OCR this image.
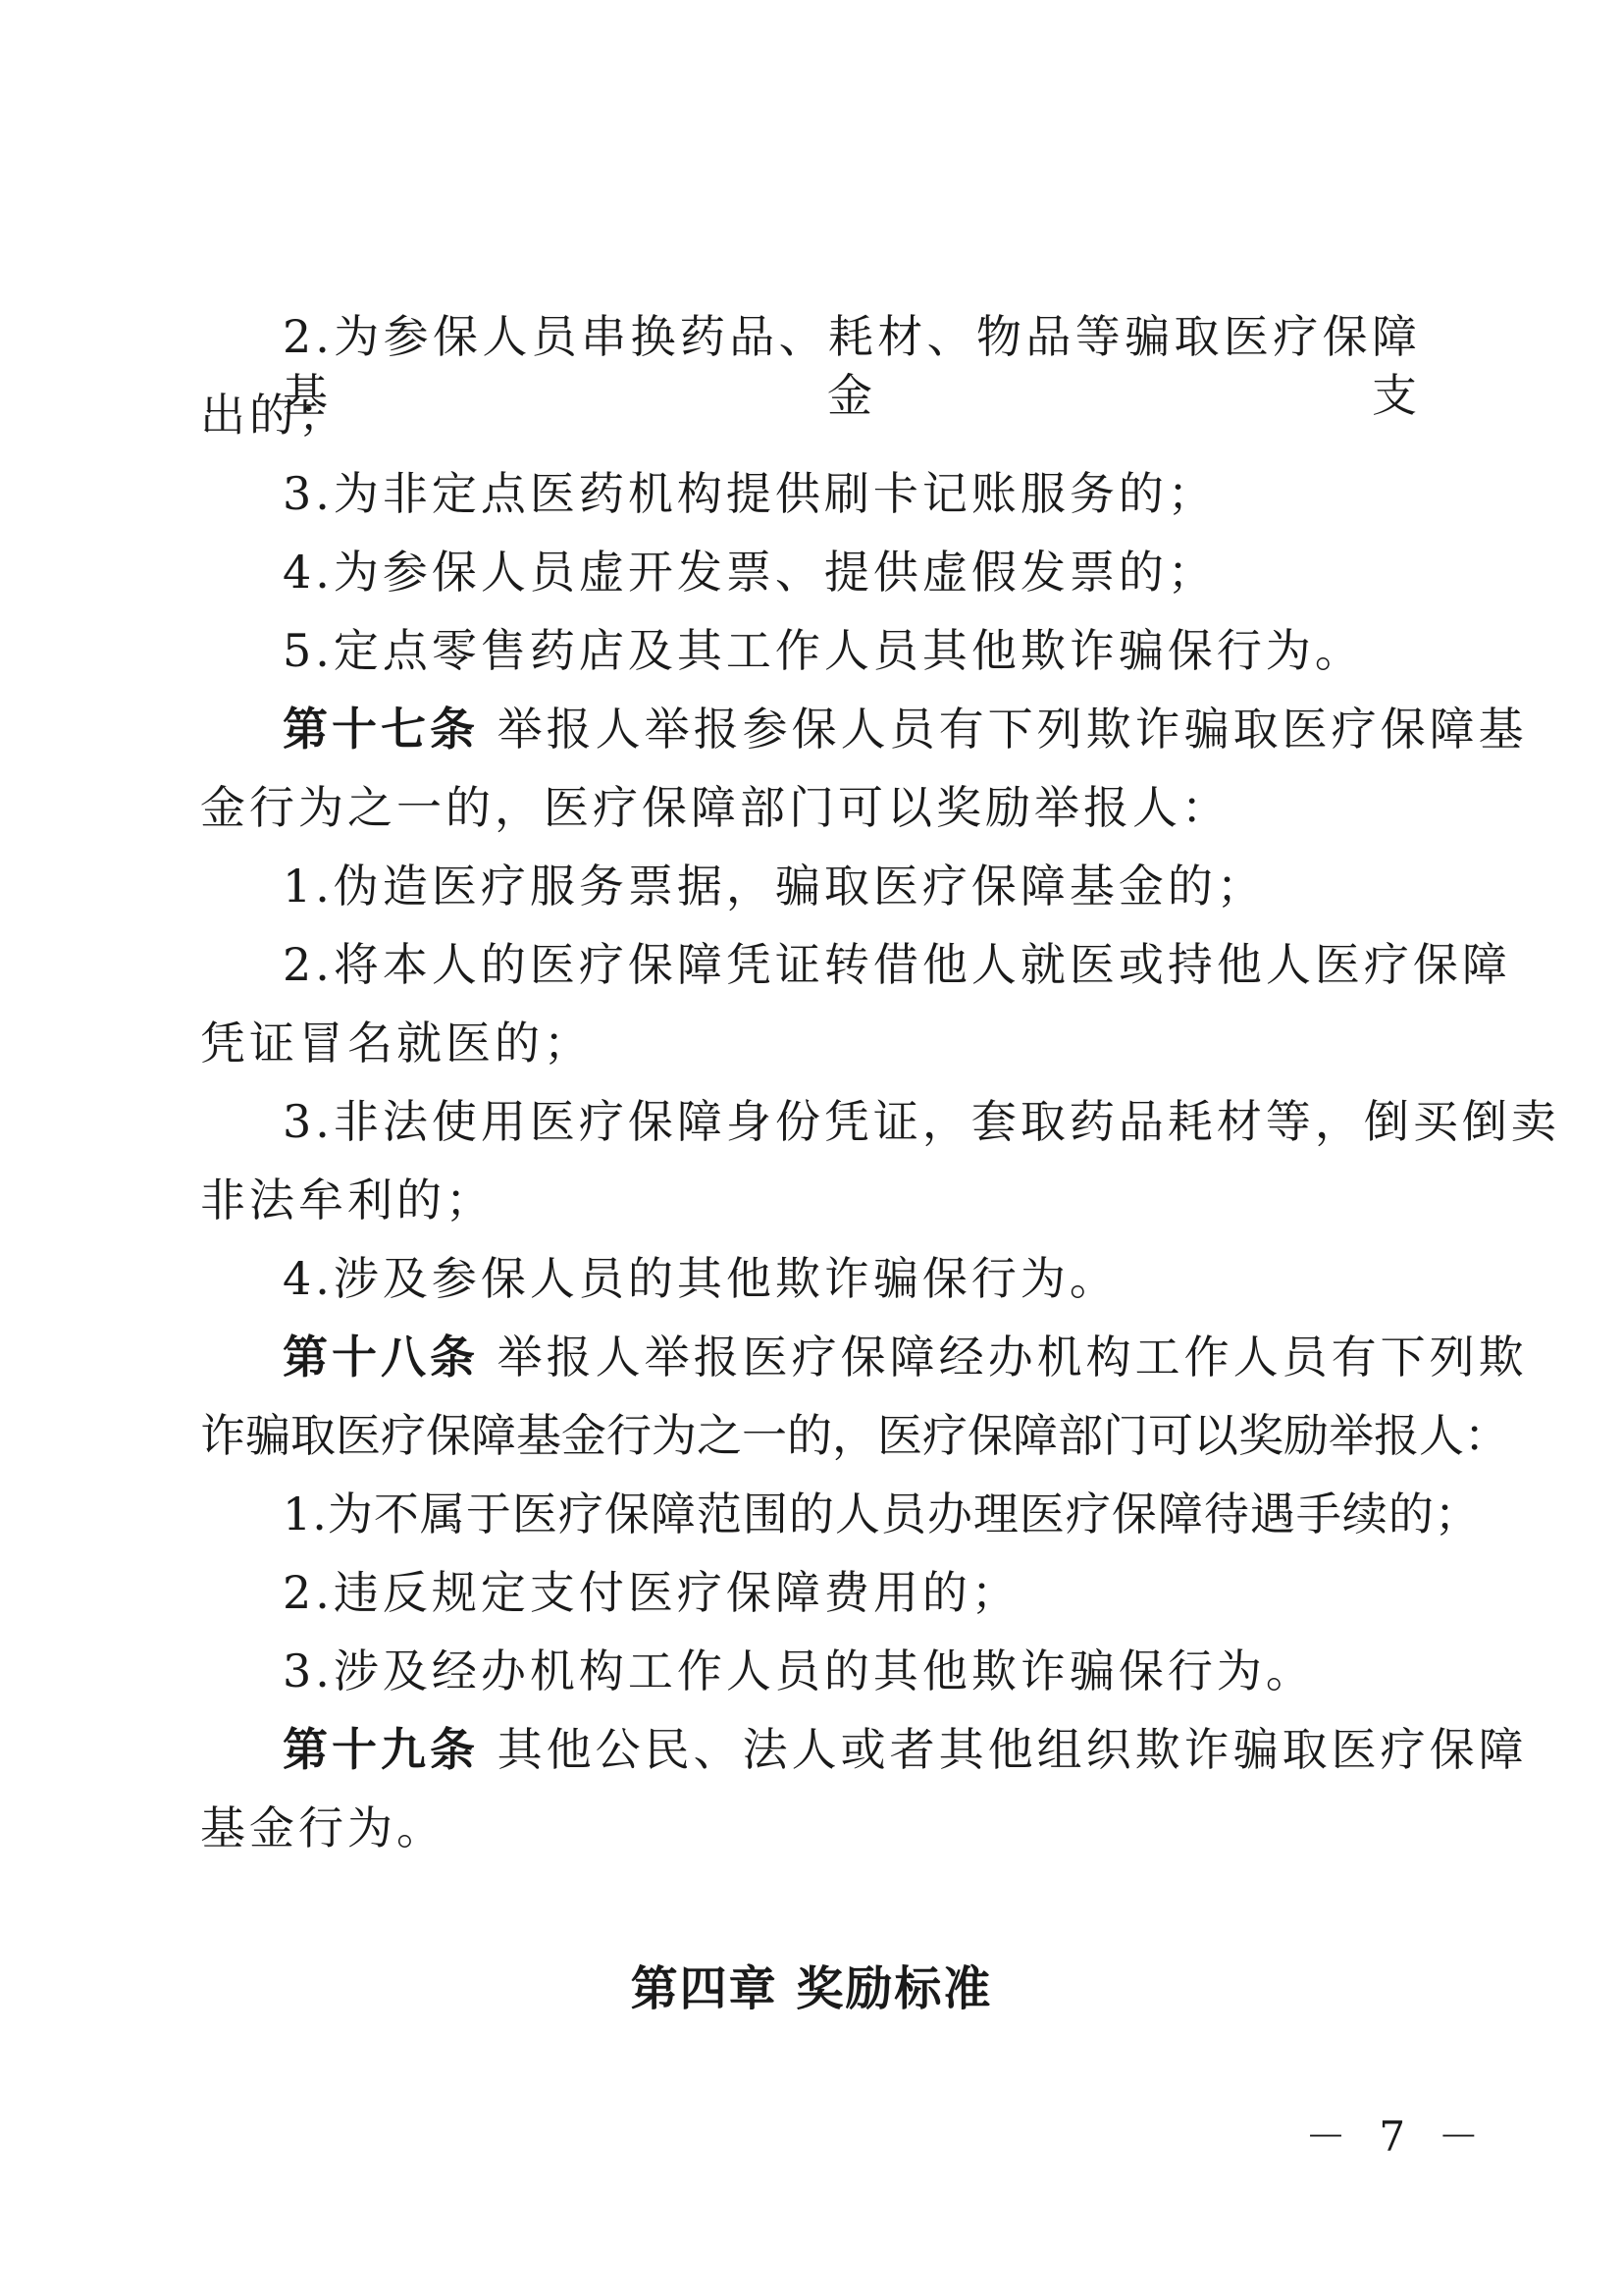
2.为参保人员串换药品、耗材、物品等骗取医疗保障基金支
出的；
3.为非定点医药机构提供刷卡记账服务的；
4.为参保人员虚开发票、提供虚假发票的；
5.定点零售药店及其工作人员其他欺诈骗保行为。
第十七条 举报人举报参保人员有下列欺诈骗取医疗保障基
金行为之一的，医疗保障部门可以奖励举报人：
1.伪造医疗服务票据，骗取医疗保障基金的；
2.将本人的医疗保障凭证转借他人就医或持他人医疗保障
凭证冒名就医的；
3.非法使用医疗保障身份凭证，套取药品耗材等，倒买倒卖
非法牟利的；
4.涉及参保人员的其他欺诈骗保行为。
第十八条 举报人举报医疗保障经办机构工作人员有下列欺
诈骗取医疗保障基金行为之一的，医疗保障部门可以奖励举报人：
1.为不属于医疗保障范围的人员办理医疗保障待遇手续的；
2.违反规定支付医疗保障费用的；
3.涉及经办机构工作人员的其他欺诈骗保行为。
第十九条 其他公民、法人或者其他组织欺诈骗取医疗保障
基金行为。
第四章 奖励标准
－ 7 －
